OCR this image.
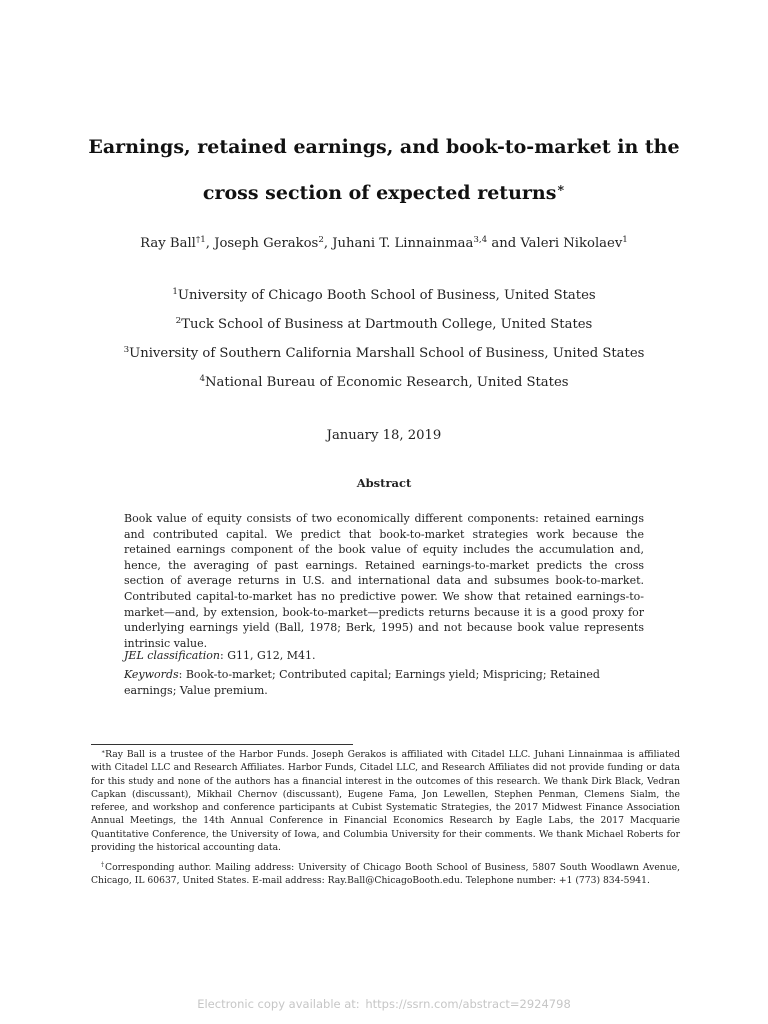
Earnings, retained earnings, and book-to-market in the
cross section of expected returns∗
Ray Ball$^{\dagger 1}$, Joseph Gerakos$^2$, Juhani T. Linnainmaa$^{3,4}$ and Valeri Nikolaev$^1$
$^1$University of Chicago Booth School of Business, United States
$^2$Tuck School of Business at Dartmouth College, United States
$^3$University of Southern California Marshall School of Business, United States
$^4$National Bureau of Economic Research, United States
January 18, 2019
Abstract
Book value of equity consists of two economically different components: retained earnings and contributed capital. We predict that book-to-market strategies work because the retained earnings component of the book value of equity includes the accumulation and, hence, the averaging of past earnings. Retained earnings-to-market predicts the cross section of average returns in U.S. and international data and subsumes book-to-market. Contributed capital-to-market has no predictive power. We show that retained earnings-to-market—and, by extension, book-to-market—predicts returns because it is a good proxy for underlying earnings yield (Ball, 1978; Berk, 1995) and not because book value represents intrinsic value.
JEL classification: G11, G12, M41.
Keywords: Book-to-market; Contributed capital; Earnings yield; Mispricing; Retained earnings; Value premium.
∗Ray Ball is a trustee of the Harbor Funds. Joseph Gerakos is affiliated with Citadel LLC. Juhani Linnainmaa is affiliated with Citadel LLC and Research Affiliates. Harbor Funds, Citadel LLC, and Research Affiliates did not provide funding or data for this study and none of the authors has a financial interest in the outcomes of this research. We thank Dirk Black, Vedran Capkan (discussant), Mikhail Chernov (discussant), Eugene Fama, Jon Lewellen, Stephen Penman, Clemens Sialm, the referee, and workshop and conference participants at Cubist Systematic Strategies, the 2017 Midwest Finance Association Annual Meetings, the 14th Annual Conference in Financial Economics Research by Eagle Labs, the 2017 Macquarie Quantitative Conference, the University of Iowa, and Columbia University for their comments. We thank Michael Roberts for providing the historical accounting data.
†Corresponding author. Mailing address: University of Chicago Booth School of Business, 5807 South Woodlawn Avenue, Chicago, IL 60637, United States. E-mail address: Ray.Ball@ChicagoBooth.edu. Telephone number: +1 (773) 834-5941.
Electronic copy available at: https://ssrn.com/abstract=2924798
